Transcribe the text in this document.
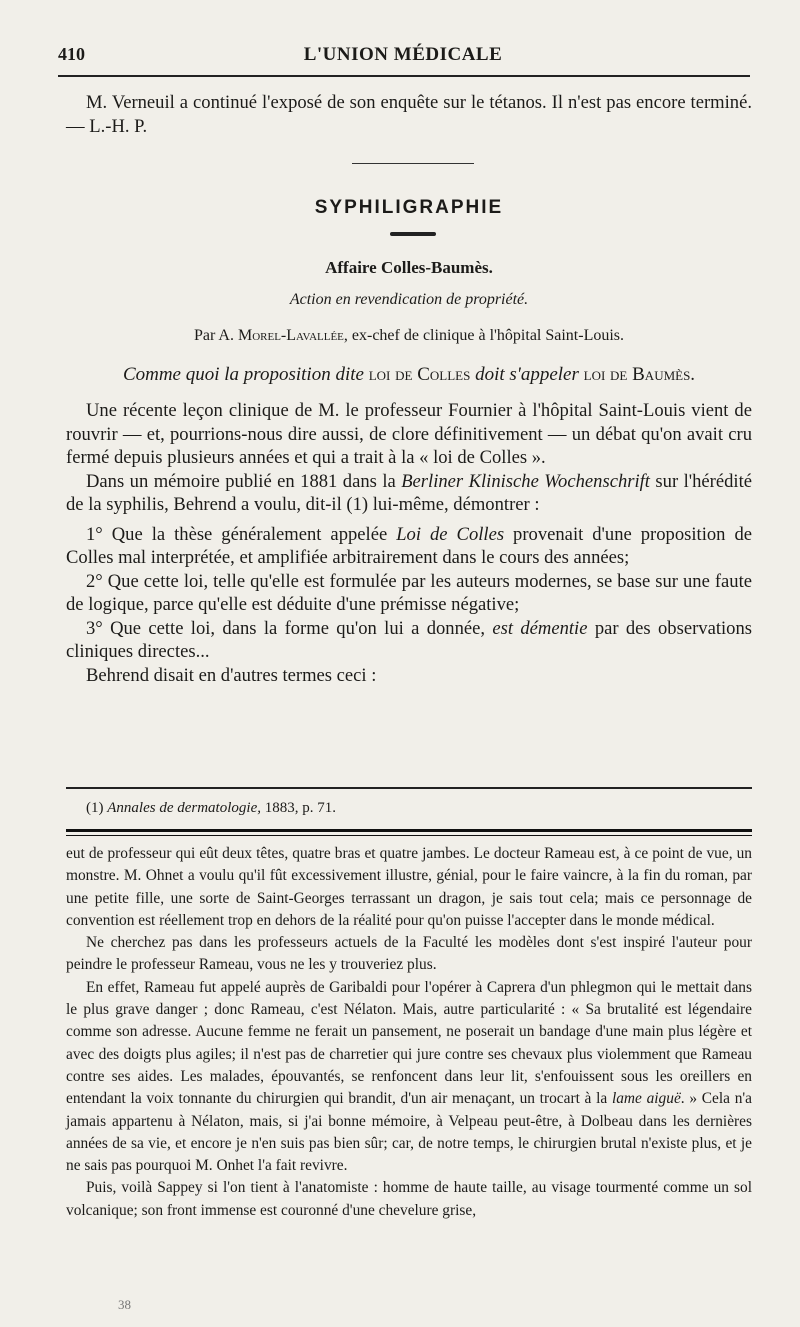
410	L'UNION MÉDICALE

M. Verneuil a continué l'exposé de son enquête sur le tétanos. Il n'est pas encore terminé. — L.-H. P.

SYPHILIGRAPHIE
Affaire Colles-Baumès.
Action en revendication de propriété.
Par A. Morel-Lavallée, ex-chef de clinique à l'hôpital Saint-Louis.
Comme quoi la proposition dite loi de Colles doit s'appeler loi de Baumès.

Une récente leçon clinique de M. le professeur Fournier à l'hôpital Saint-Louis vient de rouvrir — et, pourrions-nous dire aussi, de clore définitivement — un débat qu'on avait cru fermé depuis plusieurs années et qui a trait à la « loi de Colles ».

Dans un mémoire publié en 1881 dans la Berliner Klinische Wochenschrift sur l'hérédité de la syphilis, Behrend a voulu, dit-il (1) lui-même, démontrer :

1° Que la thèse généralement appelée Loi de Colles provenait d'une proposition de Colles mal interprétée, et amplifiée arbitrairement dans le cours des années;

2° Que cette loi, telle qu'elle est formulée par les auteurs modernes, se base sur une faute de logique, parce qu'elle est déduite d'une prémisse négative;

3° Que cette loi, dans la forme qu'on lui a donnée, est démentie par des observations cliniques directes...

Behrend disait en d'autres termes ceci :

(1) Annales de dermatologie, 1883, p. 71.

eut de professeur qui eût deux têtes, quatre bras et quatre jambes. Le docteur Rameau est, à ce point de vue, un monstre. M. Ohnet a voulu qu'il fût excessivement illustre, génial, pour le faire vaincre, à la fin du roman, par une petite fille, une sorte de Saint-Georges terrassant un dragon, je sais tout cela; mais ce personnage de convention est réellement trop en dehors de la réalité pour qu'on puisse l'accepter dans le monde médical.

Ne cherchez pas dans les professeurs actuels de la Faculté les modèles dont s'est inspiré l'auteur pour peindre le professeur Rameau, vous ne les y trouveriez plus.

En effet, Rameau fut appelé auprès de Garibaldi pour l'opérer à Caprera d'un phlegmon qui le mettait dans le plus grave danger ; donc Rameau, c'est Nélaton. Mais, autre particularité : « Sa brutalité est légendaire comme son adresse. Aucune femme ne ferait un pansement, ne poserait un bandage d'une main plus légère et avec des doigts plus agiles; il n'est pas de charretier qui jure contre ses chevaux plus violemment que Rameau contre ses aides. Les malades, épouvantés, se renfoncent dans leur lit, s'enfouissent sous les oreillers en entendant la voix tonnante du chirurgien qui brandit, d'un air menaçant, un trocart à la lame aiguë. » Cela n'a jamais appartenu à Nélaton, mais, si j'ai bonne mémoire, à Velpeau peut-être, à Dolbeau dans les dernières années de sa vie, et encore je n'en suis pas bien sûr; car, de notre temps, le chirurgien brutal n'existe plus, et je ne sais pas pourquoi M. Onhet l'a fait revivre.

Puis, voilà Sappey si l'on tient à l'anatomiste : homme de haute taille, au visage tourmenté comme un sol volcanique; son front immense est couronné d'une chevelure grise,

38
